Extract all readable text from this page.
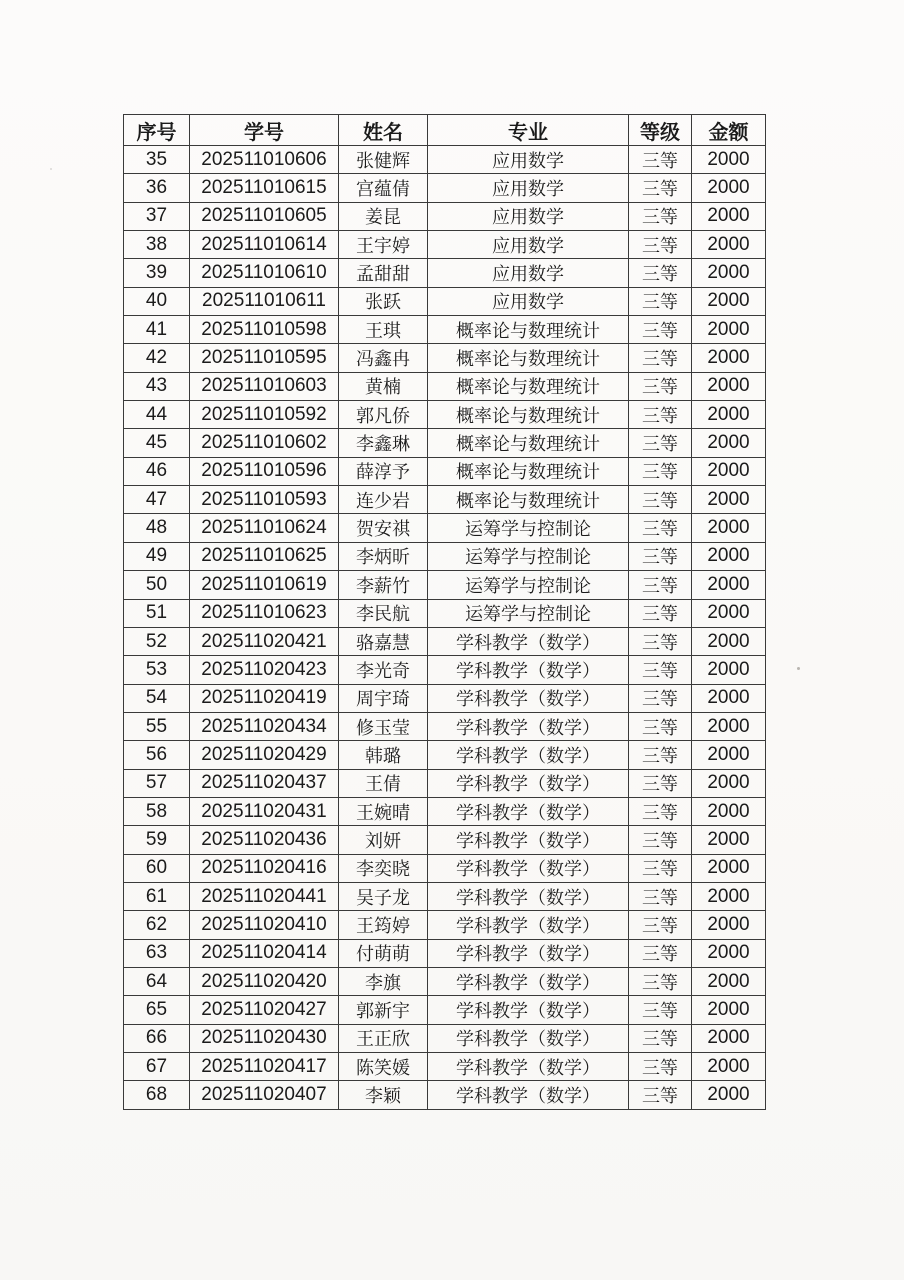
序号	学号	姓名	专业	等级	金额
35	202511010606	张健辉	应用数学	三等	2000
36	202511010615	宫蕴倩	应用数学	三等	2000
37	202511010605	姜昆	应用数学	三等	2000
38	202511010614	王宇婷	应用数学	三等	2000
39	202511010610	孟甜甜	应用数学	三等	2000
40	202511010611	张跃	应用数学	三等	2000
41	202511010598	王琪	概率论与数理统计	三等	2000
42	202511010595	冯鑫冉	概率论与数理统计	三等	2000
43	202511010603	黄楠	概率论与数理统计	三等	2000
44	202511010592	郭凡侨	概率论与数理统计	三等	2000
45	202511010602	李鑫琳	概率论与数理统计	三等	2000
46	202511010596	薛淳予	概率论与数理统计	三等	2000
47	202511010593	连少岩	概率论与数理统计	三等	2000
48	202511010624	贺安祺	运筹学与控制论	三等	2000
49	202511010625	李炳昕	运筹学与控制论	三等	2000
50	202511010619	李薪竹	运筹学与控制论	三等	2000
51	202511010623	李民航	运筹学与控制论	三等	2000
52	202511020421	骆嘉慧	学科教学（数学）	三等	2000
53	202511020423	李光奇	学科教学（数学）	三等	2000
54	202511020419	周宇琦	学科教学（数学）	三等	2000
55	202511020434	修玉莹	学科教学（数学）	三等	2000
56	202511020429	韩璐	学科教学（数学）	三等	2000
57	202511020437	王倩	学科教学（数学）	三等	2000
58	202511020431	王婉晴	学科教学（数学）	三等	2000
59	202511020436	刘妍	学科教学（数学）	三等	2000
60	202511020416	李奕晓	学科教学（数学）	三等	2000
61	202511020441	吴子龙	学科教学（数学）	三等	2000
62	202511020410	王筠婷	学科教学（数学）	三等	2000
63	202511020414	付萌萌	学科教学（数学）	三等	2000
64	202511020420	李旗	学科教学（数学）	三等	2000
65	202511020427	郭新宇	学科教学（数学）	三等	2000
66	202511020430	王正欣	学科教学（数学）	三等	2000
67	202511020417	陈笑媛	学科教学（数学）	三等	2000
68	202511020407	李颖	学科教学（数学）	三等	2000
